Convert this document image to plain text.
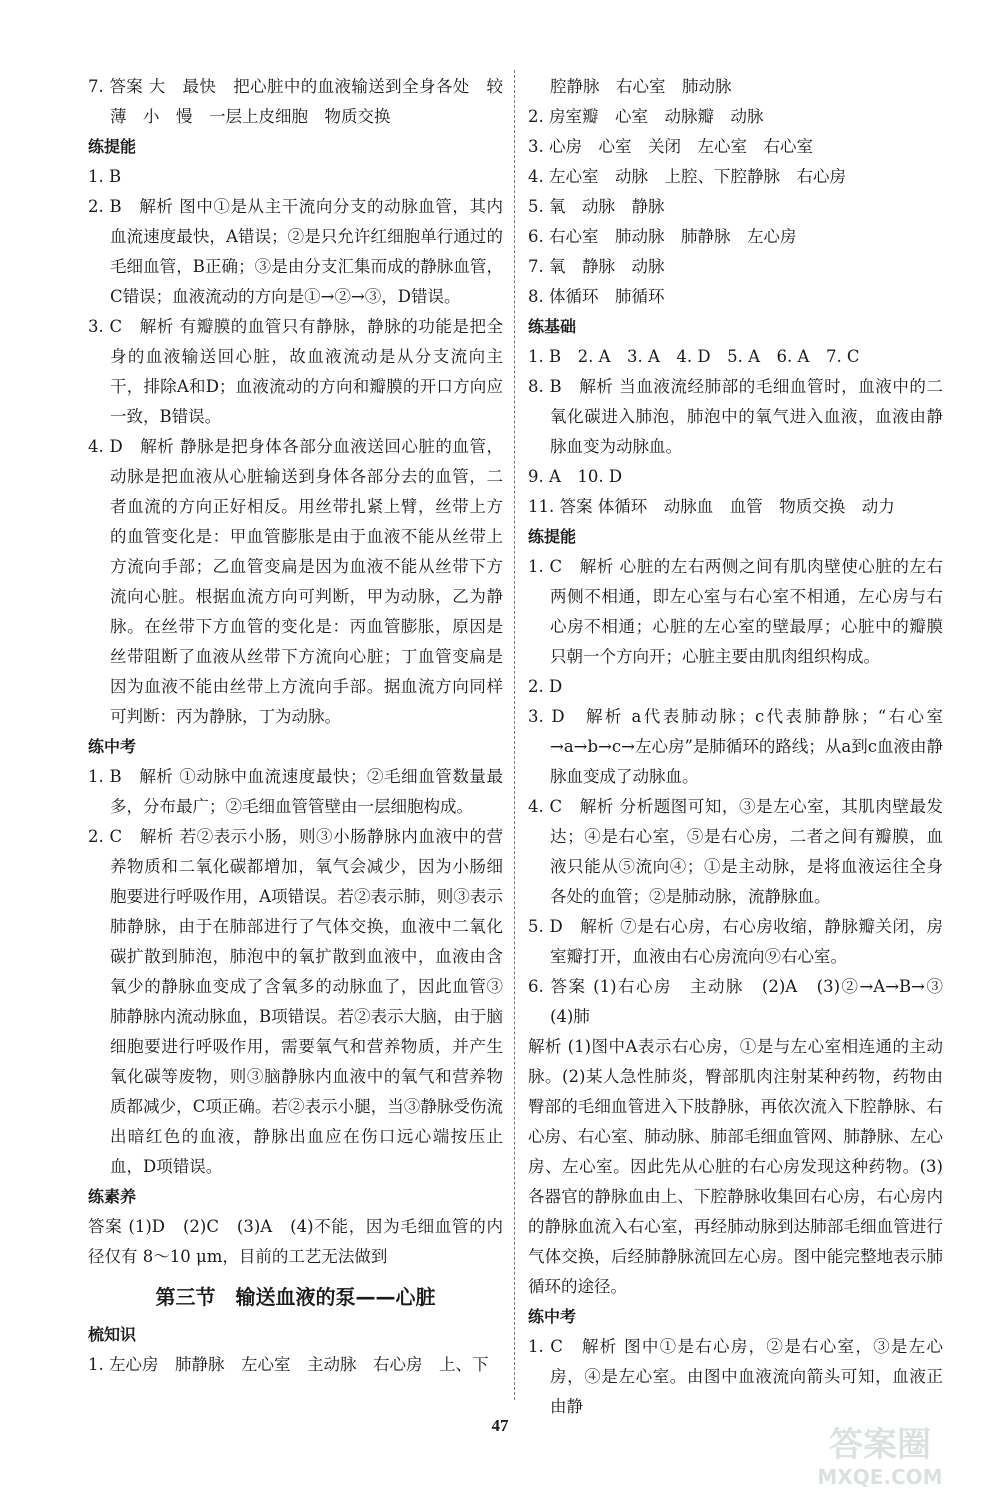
7. 答案 大　最快　把心脏中的血液输送到全身各处　较薄　小　慢　一层上皮细胞　物质交换
练提能
1. B
2. B　解析 图中①是从主干流向分支的动脉血管，其内血流速度最快，A错误；②是只允许红细胞单行通过的毛细血管，B正确；③是由分支汇集而成的静脉血管，C错误；血液流动的方向是①→②→③，D错误。
3. C　解析 有瓣膜的血管只有静脉，静脉的功能是把全身的血液输送回心脏，故血液流动是从分支流向主干，排除A和D；血液流动的方向和瓣膜的开口方向应一致，B错误。
4. D　解析 静脉是把身体各部分血液送回心脏的血管，动脉是把血液从心脏输送到身体各部分去的血管，二者血流的方向正好相反。用丝带扎紧上臂，丝带上方的血管变化是：甲血管膨胀是由于血液不能从丝带上方流向手部；乙血管变扁是因为血液不能从丝带下方流向心脏。根据血流方向可判断，甲为动脉，乙为静脉。在丝带下方血管的变化是：丙血管膨胀，原因是丝带阻断了血液从丝带下方流向心脏；丁血管变扁是因为血液不能由丝带上方流向手部。据血流方向同样可判断：丙为静脉，丁为动脉。
练中考
1. B　解析 ①动脉中血流速度最快；②毛细血管数量最多，分布最广；②毛细血管管壁由一层细胞构成。
2. C　解析 若②表示小肠，则③小肠静脉内血液中的营养物质和二氧化碳都增加，氧气会减少，因为小肠细胞要进行呼吸作用，A项错误。若②表示肺，则③表示肺静脉，由于在肺部进行了气体交换，血液中二氧化碳扩散到肺泡，肺泡中的氧扩散到血液中，血液由含氧少的静脉血变成了含氧多的动脉血了，因此血管③肺静脉内流动脉血，B项错误。若②表示大脑，由于脑细胞要进行呼吸作用，需要氧气和营养物质，并产生氧化碳等废物，则③脑静脉内血液中的氧气和营养物质都减少，C项正确。若②表示小腿，当③静脉受伤流出暗红色的血液，静脉出血应在伤口远心端按压止血，D项错误。
练素养
答案 (1)D　(2)C　(3)A　(4)不能，因为毛细血管的内径仅有 8～10 μm，目前的工艺无法做到
第三节　输送血液的泵——心脏
梳知识
1. 左心房　肺静脉　左心室　主动脉　右心房　上、下
腔静脉　右心室　肺动脉
2. 房室瓣　心室　动脉瓣　动脉
3. 心房　心室　关闭　左心室　右心室
4. 左心室　动脉　上腔、下腔静脉　右心房
5. 氧　动脉　静脉
6. 右心室　肺动脉　肺静脉　左心房
7. 氧　静脉　动脉
8. 体循环　肺循环
练基础
1. B　2. A　3. A　4. D　5. A　6. A　7. C
8. B　解析 当血液流经肺部的毛细血管时，血液中的二氧化碳进入肺泡，肺泡中的氧气进入血液，血液由静脉血变为动脉血。
9. A　10. D
11. 答案 体循环　动脉血　血管　物质交换　动力
练提能
1. C　解析 心脏的左右两侧之间有肌肉壁使心脏的左右两侧不相通，即左心室与右心室不相通，左心房与右心房不相通；心脏的左心室的壁最厚；心脏中的瓣膜只朝一个方向开；心脏主要由肌肉组织构成。
2. D
3. D　解析 a代表肺动脉；c代表肺静脉；“右心室→a→b→c→左心房”是肺循环的路线；从a到c血液由静脉血变成了动脉血。
4. C　解析 分析题图可知，③是左心室，其肌肉壁最发达；④是右心室，⑤是右心房，二者之间有瓣膜，血液只能从⑤流向④；①是主动脉，是将血液运往全身各处的血管；②是肺动脉，流静脉血。
5. D　解析 ⑦是右心房，右心房收缩，静脉瓣关闭，房室瓣打开，血液由右心房流向⑨右心室。
6. 答案 (1)右心房　主动脉　(2)A　(3)②→A→B→③　(4)肺
解析 (1)图中A表示右心房，①是与左心室相连通的主动脉。(2)某人急性肺炎，臀部肌肉注射某种药物，药物由臀部的毛细血管进入下肢静脉，再依次流入下腔静脉、右心房、右心室、肺动脉、肺部毛细血管网、肺静脉、左心房、左心室。因此先从心脏的右心房发现这种药物。(3)各器官的静脉血由上、下腔静脉收集回右心房，右心房内的静脉血流入右心室，再经肺动脉到达肺部毛细血管进行气体交换，后经肺静脉流回左心房。图中能完整地表示肺循环的途径。
练中考
1. C　解析 图中①是右心房，②是右心室，③是左心房，④是左心室。由图中血液流向箭头可知，血液正由静
47	答案圈
MXQE.COM
